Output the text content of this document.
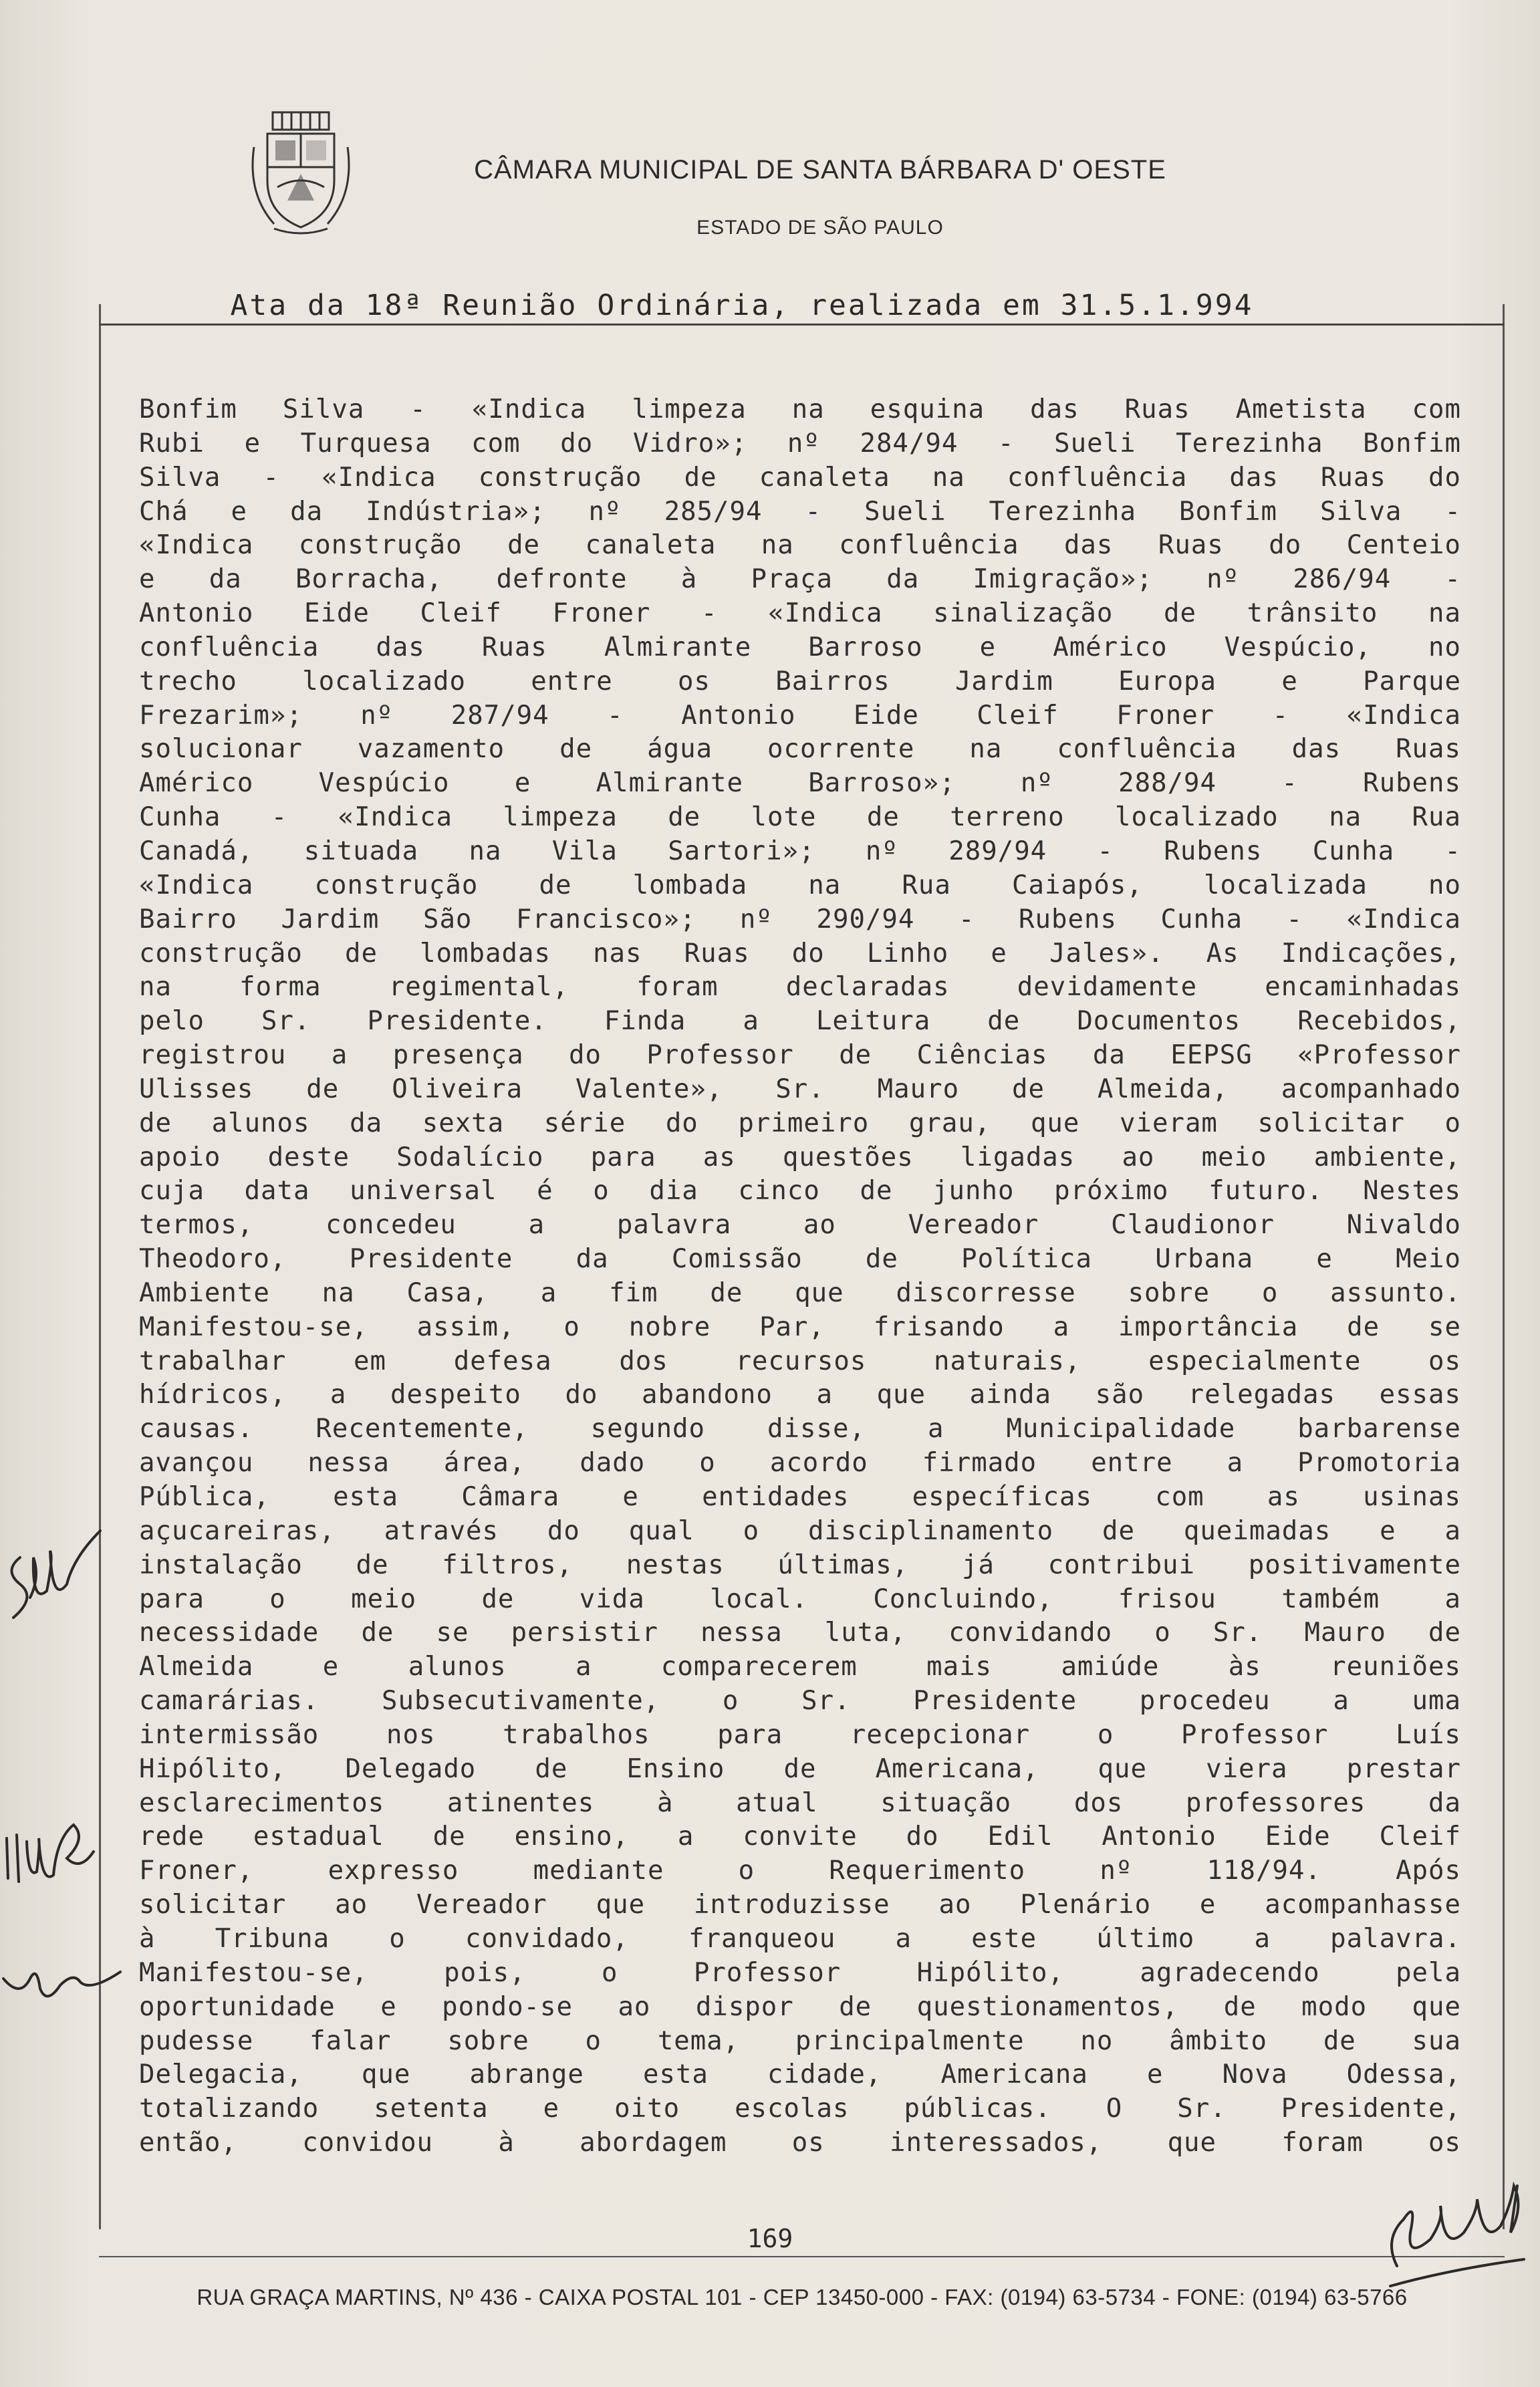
CÂMARA MUNICIPAL DE SANTA BÁRBARA D' OESTE
ESTADO DE SÃO PAULO
Ata da 18ª Reunião Ordinária, realizada em 31.5.1.994
Bonfim Silva - «Indica limpeza na esquina das Ruas Ametista com
Rubi e Turquesa com do Vidro»; nº 284/94 - Sueli Terezinha Bonfim
Silva - «Indica construção de canaleta na confluência das Ruas do
Chá e da Indústria»; nº 285/94 - Sueli Terezinha Bonfim Silva -
«Indica construção de canaleta na confluência das Ruas do Centeio
e da Borracha, defronte à Praça da Imigração»; nº 286/94 -
Antonio Eide Cleif Froner - «Indica sinalização de trânsito na
confluência das Ruas Almirante Barroso e Américo Vespúcio, no
trecho localizado entre os Bairros Jardim Europa e Parque
Frezarim»; nº 287/94 - Antonio Eide Cleif Froner - «Indica
solucionar vazamento de água ocorrente na confluência das Ruas
Américo Vespúcio e Almirante Barroso»; nº 288/94 - Rubens
Cunha - «Indica limpeza de lote de terreno localizado na Rua
Canadá, situada na Vila Sartori»; nº 289/94 - Rubens Cunha -
«Indica construção de lombada na Rua Caiapós, localizada no
Bairro Jardim São Francisco»; nº 290/94 - Rubens Cunha - «Indica
construção de lombadas nas Ruas do Linho e Jales». As Indicações,
na forma regimental, foram declaradas devidamente encaminhadas
pelo Sr. Presidente. Finda a Leitura de Documentos Recebidos,
registrou a presença do Professor de Ciências da EEPSG «Professor
Ulisses de Oliveira Valente», Sr. Mauro de Almeida, acompanhado
de alunos da sexta série do primeiro grau, que vieram solicitar o
apoio deste Sodalício para as questões ligadas ao meio ambiente,
cuja data universal é o dia cinco de junho próximo futuro. Nestes
termos, concedeu a palavra ao Vereador Claudionor Nivaldo
Theodoro, Presidente da Comissão de Política Urbana e Meio
Ambiente na Casa, a fim de que discorresse sobre o assunto.
Manifestou-se, assim, o nobre Par, frisando a importância de se
trabalhar em defesa dos recursos naturais, especialmente os
hídricos, a despeito do abandono a que ainda são relegadas essas
causas. Recentemente, segundo disse, a Municipalidade barbarense
avançou nessa área, dado o acordo firmado entre a Promotoria
Pública, esta Câmara e entidades específicas com as usinas
açucareiras, através do qual o disciplinamento de queimadas e a
instalação de filtros, nestas últimas, já contribui positivamente
para o meio de vida local. Concluindo, frisou também a
necessidade de se persistir nessa luta, convidando o Sr. Mauro de
Almeida e alunos a comparecerem mais amiúde às reuniões
camarárias. Subsecutivamente, o Sr. Presidente procedeu a uma
intermissão nos trabalhos para recepcionar o Professor Luís
Hipólito, Delegado de Ensino de Americana, que viera prestar
esclarecimentos atinentes à atual situação dos professores da
rede estadual de ensino, a convite do Edil Antonio Eide Cleif
Froner, expresso mediante o Requerimento nº 118/94. Após
solicitar ao Vereador que introduzisse ao Plenário e acompanhasse
à Tribuna o convidado, franqueou a este último a palavra.
Manifestou-se, pois, o Professor Hipólito, agradecendo pela
oportunidade e pondo-se ao dispor de questionamentos, de modo que
pudesse falar sobre o tema, principalmente no âmbito de sua
Delegacia, que abrange esta cidade, Americana e Nova Odessa,
totalizando setenta e oito escolas públicas. O Sr. Presidente,
então, convidou à abordagem os interessados, que foram os
169
RUA GRAÇA MARTINS, Nº 436 - CAIXA POSTAL 101 - CEP 13450-000 - FAX: (0194) 63-5734 - FONE: (0194) 63-5766
